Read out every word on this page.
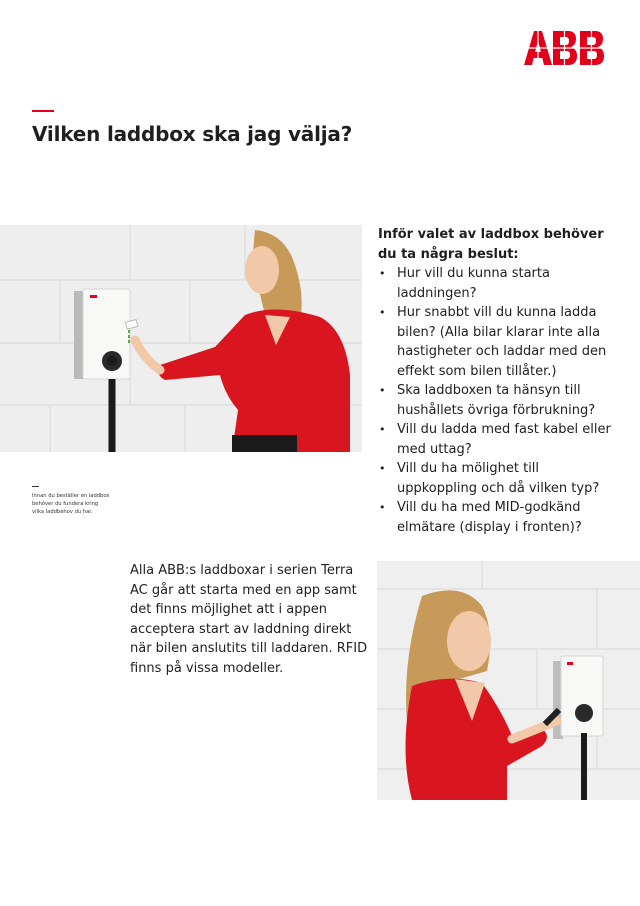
Vilken laddbox ska jag välja?

Inför valet av laddbox behöver du ta några beslut:

• Hur vill du kunna starta laddningen?
• Hur snabbt vill du kunna ladda bilen? (Alla bilar klarar inte alla hastigheter och laddar med den effekt som bilen tillåter.)
• Ska laddboxen ta hänsyn till hushållets övriga förbrukning?
• Vill du ladda med fast kabel eller med uttag?
• Vill du ha mölighet till uppkoppling och då vilken typ?
• Vill du ha med MID-godkänd elmätare (display i fronten)?
Innan du beställer en laddbox behöver du fundera kring vilka laddbehov du har.

Alla ABB:s laddboxar i serien Terra AC går att starta med en app samt det finns möjlighet att i appen acceptera start av laddning direkt när bilen anslutits till laddaren. RFID finns på vissa modeller.
